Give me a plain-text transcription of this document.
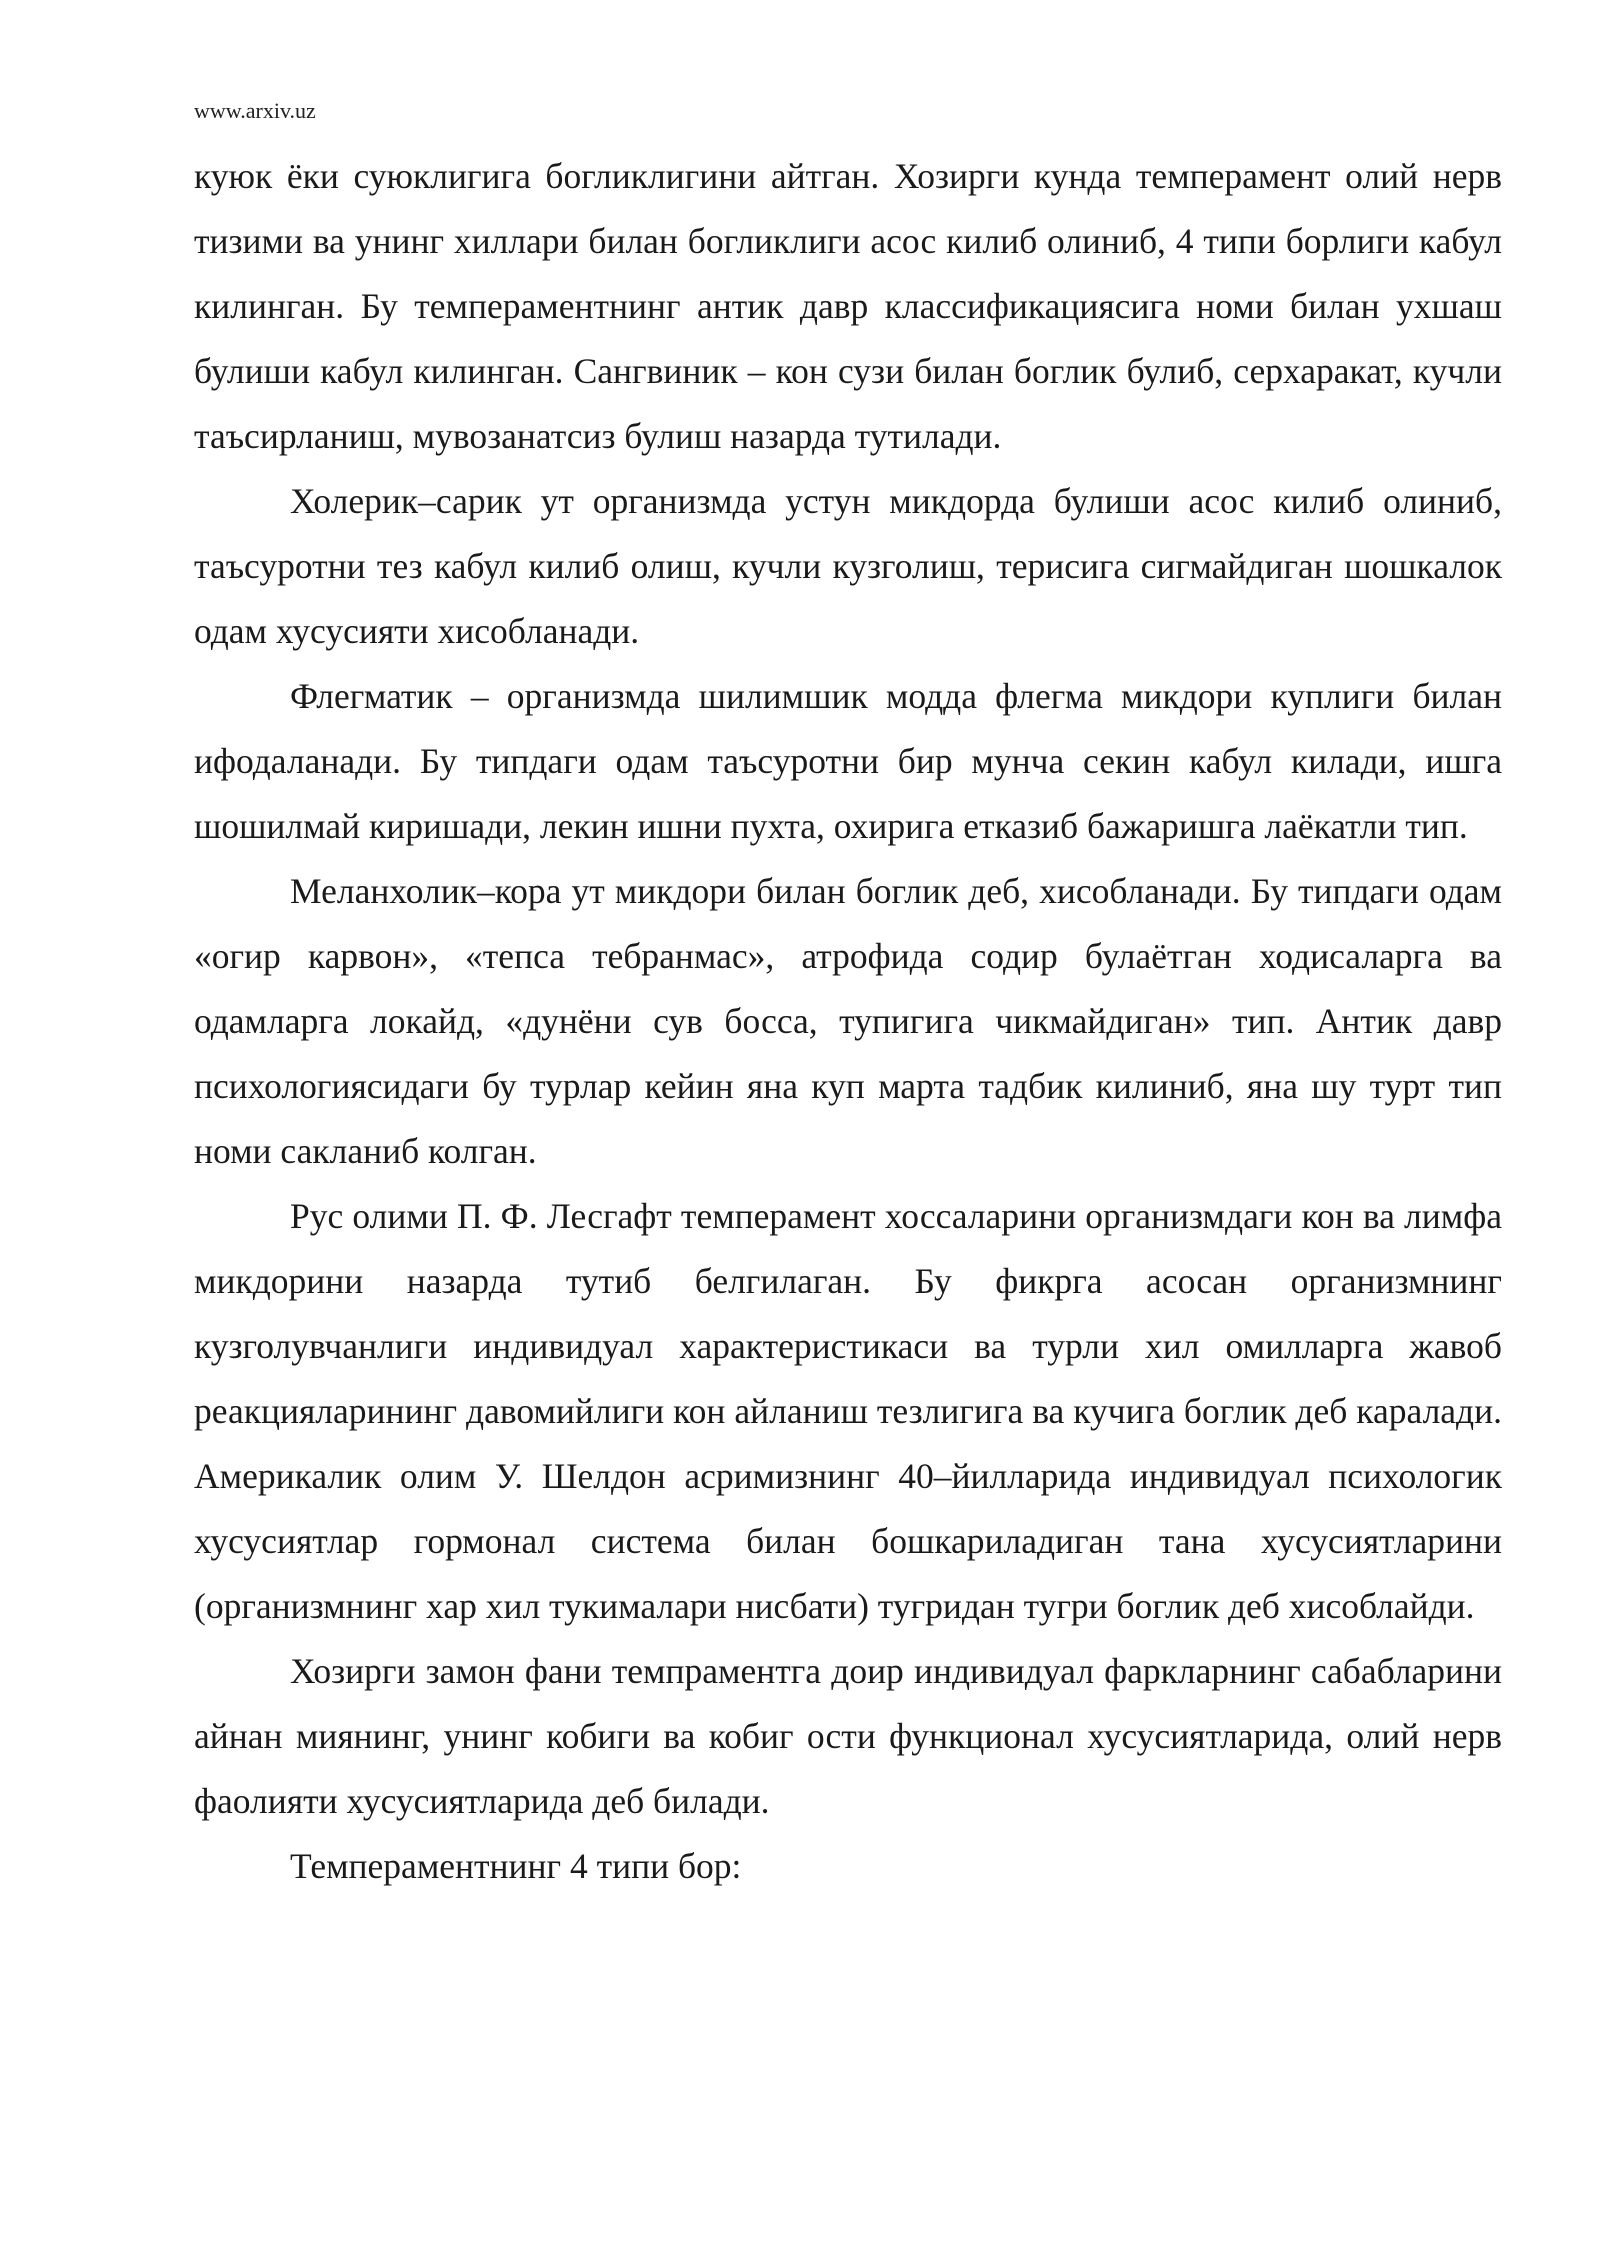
www.arxiv.uz

куюк ёки суюклигига богликлигини айтган. Хозирги кунда темперамент олий нерв тизими ва унинг хиллари билан богликлиги асос килиб олиниб, 4 типи борлиги кабул килинган. Бу темпераментнинг антик давр классификациясига номи билан ухшаш булиши кабул килинган. Сангвиник – кон сузи билан боглик булиб, серхаракат, кучли таъсирланиш, мувозанатсиз булиш назарда тутилади.

Холерик–сарик ут организмда устун микдорда булиши асос килиб олиниб, таъсуротни тез кабул килиб олиш, кучли кузголиш, терисига сигмайдиган шошкалок одам хусусияти хисобланади.

Флегматик – организмда шилимшик модда флегма микдори куплиги билан ифодаланади. Бу типдаги одам таъсуротни бир мунча секин кабул килади, ишга шошилмай киришади, лекин ишни пухта, охирига етказиб бажаришга лаёкатли тип.

Меланхолик–кора ут микдори билан боглик деб, хисобланади. Бу типдаги одам «огир карвон», «тепса тебранмас», атрофида содир булаётган ходисаларга ва одамларга локайд, «дунёни сув босса, тупигига чикмайдиган» тип. Антик давр психологиясидаги бу турлар кейин яна куп марта тадбик килиниб, яна шу турт тип номи сакланиб колган.

Рус олими П. Ф. Лесгафт темперамент хоссаларини организмдаги кон ва лимфа микдорини назарда тутиб белгилаган. Бу фикрга асосан организмнинг кузголувчанлиги индивидуал характеристикаси ва турли хил омилларга жавоб реакцияларининг давомийлиги кон айланиш тезлигига ва кучига боглик деб каралади. Америкалик олим У. Шелдон асримизнинг 40–йилларида индивидуал психологик хусусиятлар гормонал система билан бошкариладиган тана хусусиятларини (организмнинг хар хил тукималари нисбати) тугридан тугри боглик деб хисоблайди.

Хозирги замон фани темпраментга доир индивидуал фаркларнинг сабабларини айнан миянинг, унинг кобиги ва кобиг ости функционал хусусиятларида, олий нерв фаолияти хусусиятларида деб билади.

Темпераментнинг 4 типи бор:
